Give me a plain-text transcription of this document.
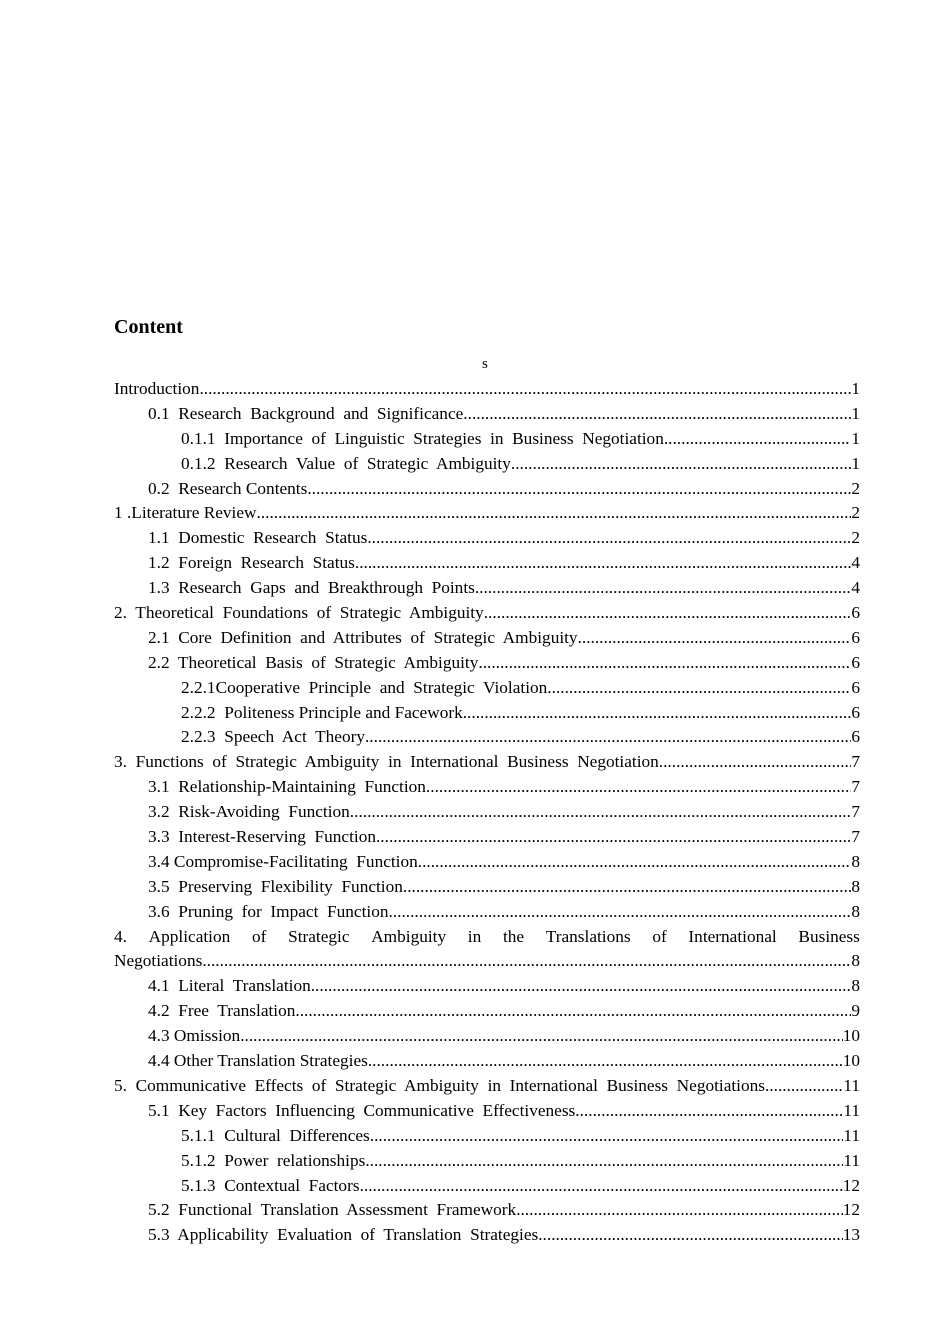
Content
s
Introduction .....	1
0.1  Research  Background  and  Significance .....	1
0.1.1  Importance  of  Linguistic  Strategies  in  Business  Negotiation .....	1
0.1.2  Research  Value  of  Strategic  Ambiguity .....	1
0.2  Research Contents .....	2
1 .Literature Review .....	2
1.1  Domestic  Research  Status .....	2
1.2  Foreign  Research  Status .....	4
1.3  Research  Gaps  and  Breakthrough  Points .....	4
2.  Theoretical  Foundations  of  Strategic  Ambiguity .....	6
2.1  Core  Definition  and  Attributes  of  Strategic  Ambiguity .....	6
2.2  Theoretical  Basis  of  Strategic  Ambiguity .....	6
2.2.1Cooperative  Principle  and  Strategic  Violation .....	6
2.2.2  Politeness Principle and Facework .....	6
2.2.3  Speech  Act  Theory .....	6
3.  Functions  of  Strategic  Ambiguity  in  International  Business  Negotiation .....	7
3.1  Relationship-Maintaining  Function .....	7
3.2  Risk-Avoiding  Function .....	7
3.3  Interest-Reserving  Function .....	7
3.4 Compromise-Facilitating  Function .....	8
3.5  Preserving  Flexibility  Function .....	8
3.6  Pruning  for  Impact  Function .....	8
4. Application of Strategic Ambiguity in the Translations of International Business
Negotiations .....	8
4.1  Literal  Translation .....	8
4.2  Free  Translation .....	9
4.3 Omission .....	10
4.4 Other Translation Strategies .....	10
5.  Communicative  Effects  of  Strategic  Ambiguity  in  International  Business  Negotiations .....	11
5.1  Key  Factors  Influencing  Communicative  Effectiveness .....	11
5.1.1  Cultural  Differences .....	11
5.1.2  Power  relationships .....	11
5.1.3  Contextual  Factors .....	12
5.2  Functional  Translation  Assessment  Framework .....	12
5.3  Applicability  Evaluation  of  Translation  Strategies .....	13
